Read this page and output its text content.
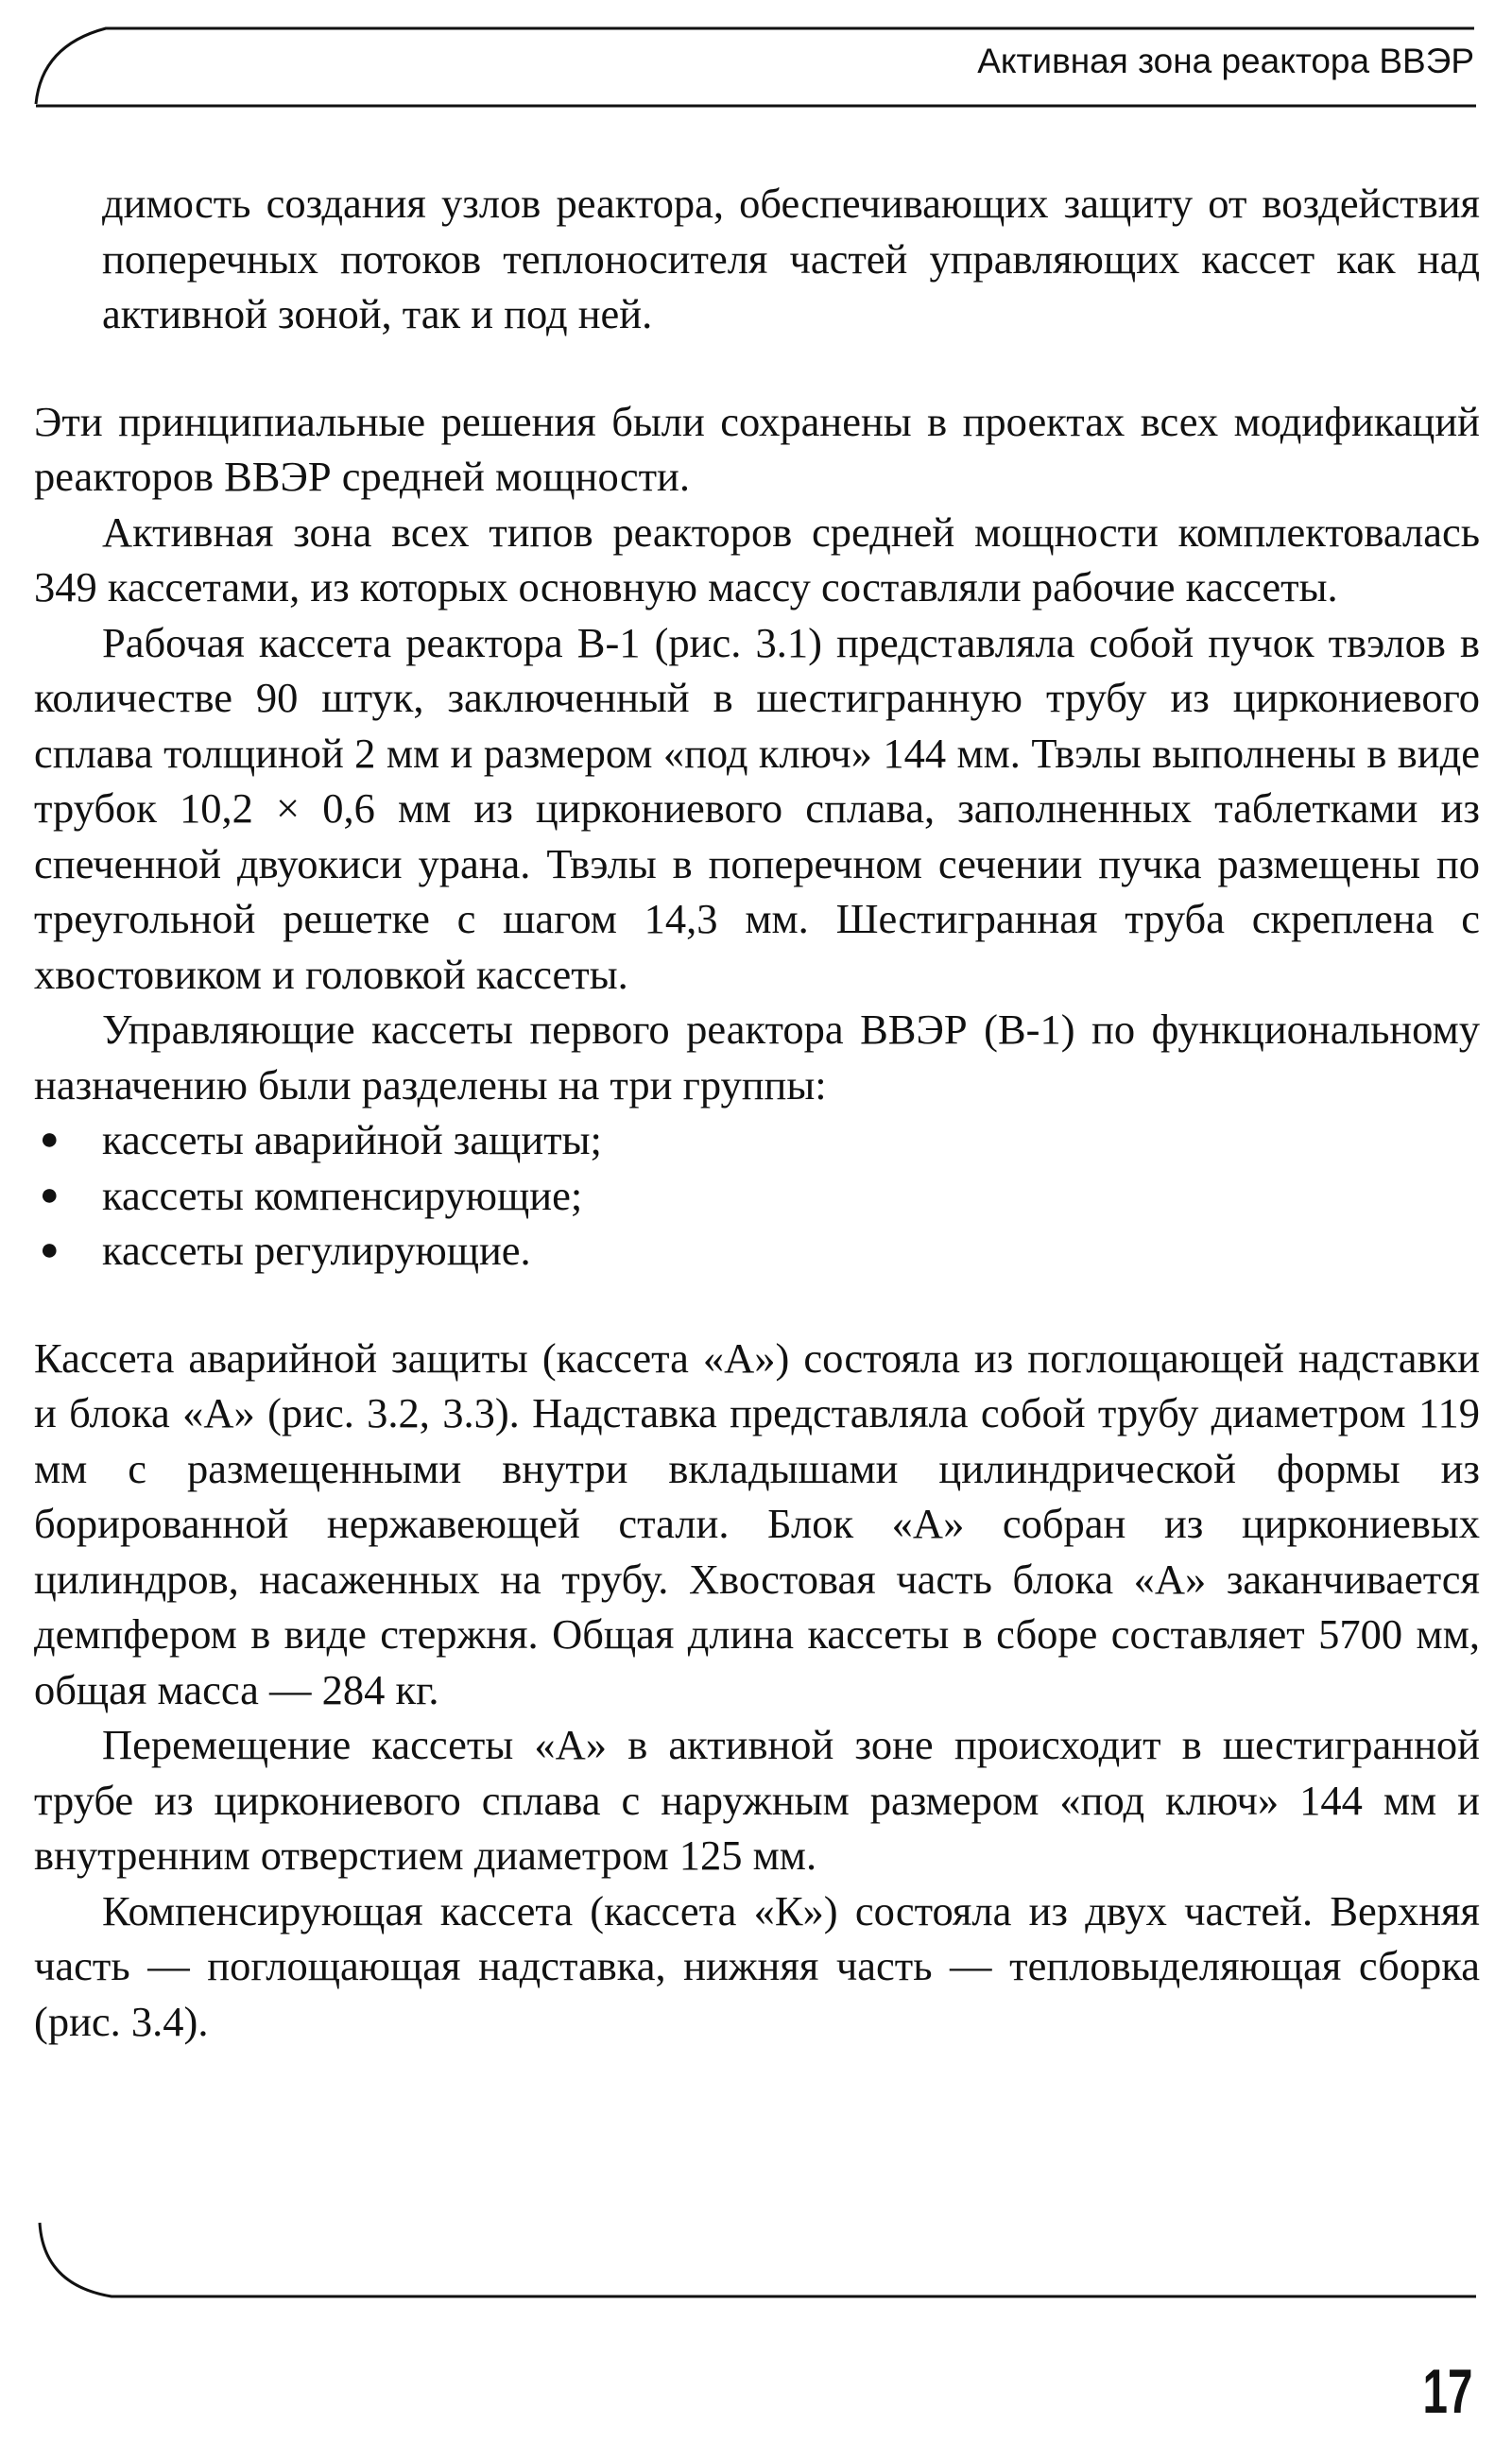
Активная зона реактора ВВЭР

димость создания узлов реактора, обеспечивающих защиту от воздействия поперечных потоков теплоносителя частей управляющих кассет как над активной зоной, так и под ней.

Эти принципиальные решения были сохранены в проектах всех модификаций реакторов ВВЭР средней мощности.

Активная зона всех типов реакторов средней мощности комплектовалась 349 кассетами, из которых основную массу составляли рабочие кассеты.

Рабочая кассета реактора В-1 (рис. 3.1) представляла собой пучок твэлов в количестве 90 штук, заключенный в шестигранную трубу из циркониевого сплава толщиной 2 мм и размером «под ключ» 144 мм. Твэлы выполнены в виде трубок 10,2 × 0,6 мм из циркониевого сплава, заполненных таблетками из спеченной двуокиси урана. Твэлы в поперечном сечении пучка размещены по треугольной решетке с шагом 14,3 мм. Шестигранная труба скреплена с хвостовиком и головкой кассеты.

Управляющие кассеты первого реактора ВВЭР (В-1) по функциональному назначению были разделены на три группы:

● кассеты аварийной защиты;
● кассеты компенсирующие;
● кассеты регулирующие.

Кассета аварийной защиты (кассета «А») состояла из поглощающей надставки и блока «А» (рис. 3.2, 3.3). Надставка представляла собой трубу диаметром 119 мм с размещенными внутри вкладышами цилиндрической формы из борированной нержавеющей стали. Блок «А» собран из циркониевых цилиндров, насаженных на трубу. Хвостовая часть блока «А» заканчивается демпфером в виде стержня. Общая длина кассеты в сборе составляет 5700 мм, общая масса — 284 кг.

Перемещение кассеты «А» в активной зоне происходит в шестигранной трубе из циркониевого сплава с наружным размером «под ключ» 144 мм и внутренним отверстием диаметром 125 мм.

Компенсирующая кассета (кассета «К») состояла из двух частей. Верхняя часть — поглощающая надставка, нижняя часть — тепловыделяющая сборка (рис. 3.4).

17
